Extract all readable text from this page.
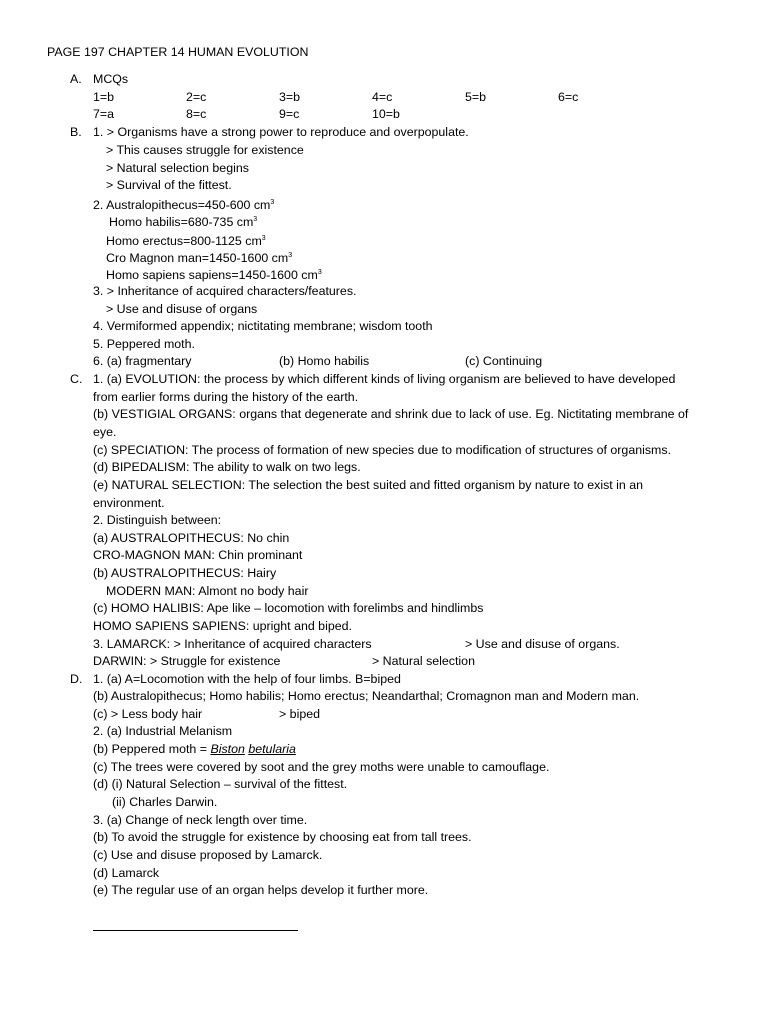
PAGE 197 CHAPTER 14 HUMAN EVOLUTION
A. MCQs
1=b	2=c	3=b	4=c	5=b	6=c
7=a	8=c	9=c	10=b
B. 1. > Organisms have a strong power to reproduce and overpopulate.
> This causes struggle for existence
> Natural selection begins
> Survival of the fittest.
2. Australopithecus=450-600 $cm^3$
Homo habilis=680-735 $cm^3$
Homo erectus=800-1125 $cm^3$
Cro Magnon man=1450-1600 $cm^3$
Homo sapiens sapiens=1450-1600 $cm^3$
3. > Inheritance of acquired characters/features.
> Use and disuse of organs
4. Vermiformed appendix; nictitating membrane; wisdom tooth
5. Peppered moth.
6. (a) fragmentary	(b) Homo habilis	(c) Continuing
C. 1. (a) EVOLUTION: the process by which different kinds of living organism are believed to have developed
from earlier forms during the history of the earth.
(b) VESTIGIAL ORGANS: organs that degenerate and shrink due to lack of use. Eg. Nictitating membrane of
eye.
(c) SPECIATION: The process of formation of new species due to modification of structures of organisms.
(d) BIPEDALISM: The ability to walk on two legs.
(e) NATURAL SELECTION: The selection the best suited and fitted organism by nature to exist in an
environment.
2. Distinguish between:
(a) AUSTRALOPITHECUS: No chin
CRO-MAGNON MAN: Chin prominant
(b) AUSTRALOPITHECUS: Hairy
MODERN MAN: Almont no body hair
(c) HOMO HALIBIS: Ape like – locomotion with forelimbs and hindlimbs
HOMO SAPIENS SAPIENS: upright and biped.
3. LAMARCK: > Inheritance of acquired characters	> Use and disuse of organs.
DARWIN: > Struggle for existence	> Natural selection
D. 1. (a) A=Locomotion with the help of four limbs. B=biped
(b) Australopithecus; Homo habilis; Homo erectus; Neandarthal; Cromagnon man and Modern man.
(c) > Less body hair	> biped
2. (a) Industrial Melanism
(b) Peppered moth = Biston betularia
(c) The trees were covered by soot and the grey moths were unable to camouflage.
(d) (i) Natural Selection – survival of the fittest.
(ii) Charles Darwin.
3. (a) Change of neck length over time.
(b) To avoid the struggle for existence by choosing eat from tall trees.
(c) Use and disuse proposed by Lamarck.
(d) Lamarck
(e) The regular use of an organ helps develop it further more.
